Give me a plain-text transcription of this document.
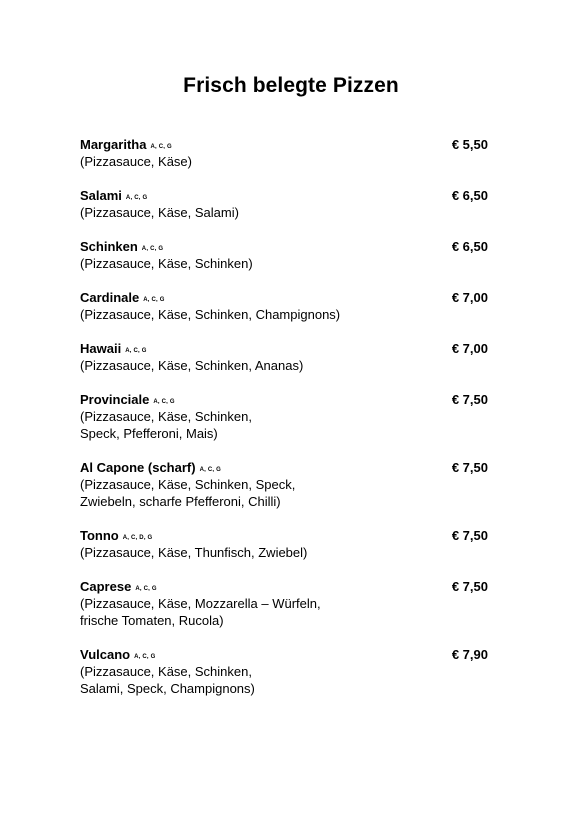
Frisch belegte Pizzen
Margaritha A, C, G	€ 5,50
(Pizzasauce, Käse)
Salami A, C, G	€ 6,50
(Pizzasauce, Käse, Salami)
Schinken A, C, G	€ 6,50
(Pizzasauce, Käse, Schinken)
Cardinale A, C, G	€ 7,00
(Pizzasauce, Käse, Schinken, Champignons)
Hawaii A, C, G	€ 7,00
(Pizzasauce, Käse, Schinken, Ananas)
Provinciale A, C, G	€ 7,50
(Pizzasauce, Käse, Schinken,
Speck, Pfefferoni, Mais)
Al Capone (scharf) A, C, G	€ 7,50
(Pizzasauce, Käse, Schinken, Speck,
Zwiebeln, scharfe Pfefferoni, Chilli)
Tonno A, C, D, G	€ 7,50
(Pizzasauce, Käse, Thunfisch, Zwiebel)
Caprese A, C, G	€ 7,50
(Pizzasauce, Käse, Mozzarella – Würfeln,
frische Tomaten, Rucola)
Vulcano A, C, G	€ 7,90
(Pizzasauce, Käse, Schinken,
Salami, Speck, Champignons)
